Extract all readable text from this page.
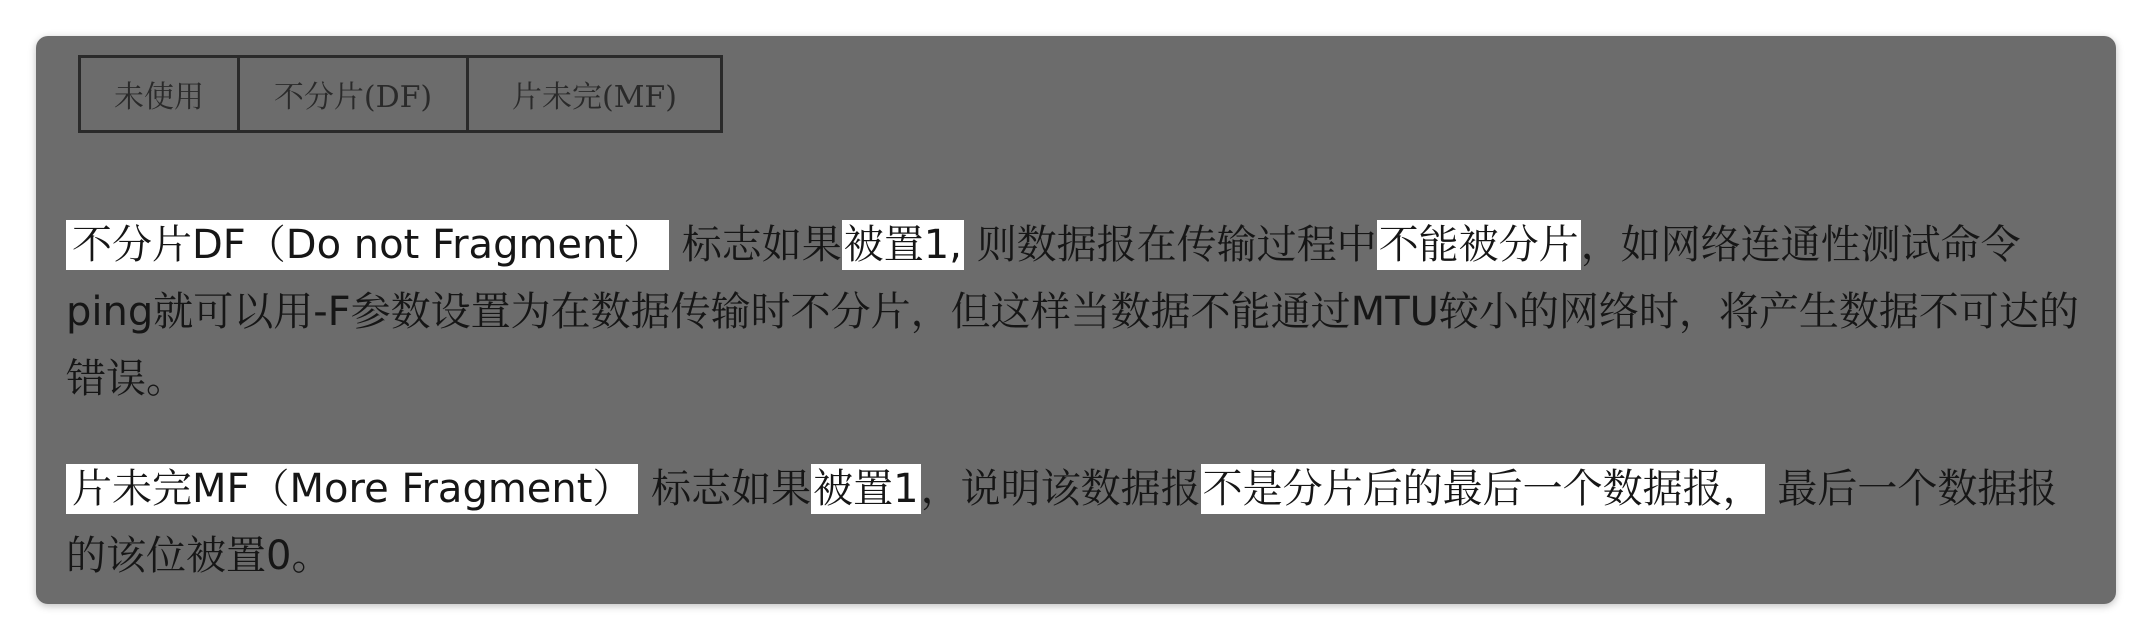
未使用	不分片(DF)	片未完(MF)

不分片DF（Do not Fragment） 标志如果被置1, 则数据报在传输过程中不能被分片，如网络连通性测试命令ping就可以用-F参数设置为在数据传输时不分片，但这样当数据不能通过MTU较小的网络时，将产生数据不可达的错误。

片未完MF（More Fragment） 标志如果被置1，说明该数据报不是分片后的最后一个数据报， 最后一个数据报的该位被置0。
